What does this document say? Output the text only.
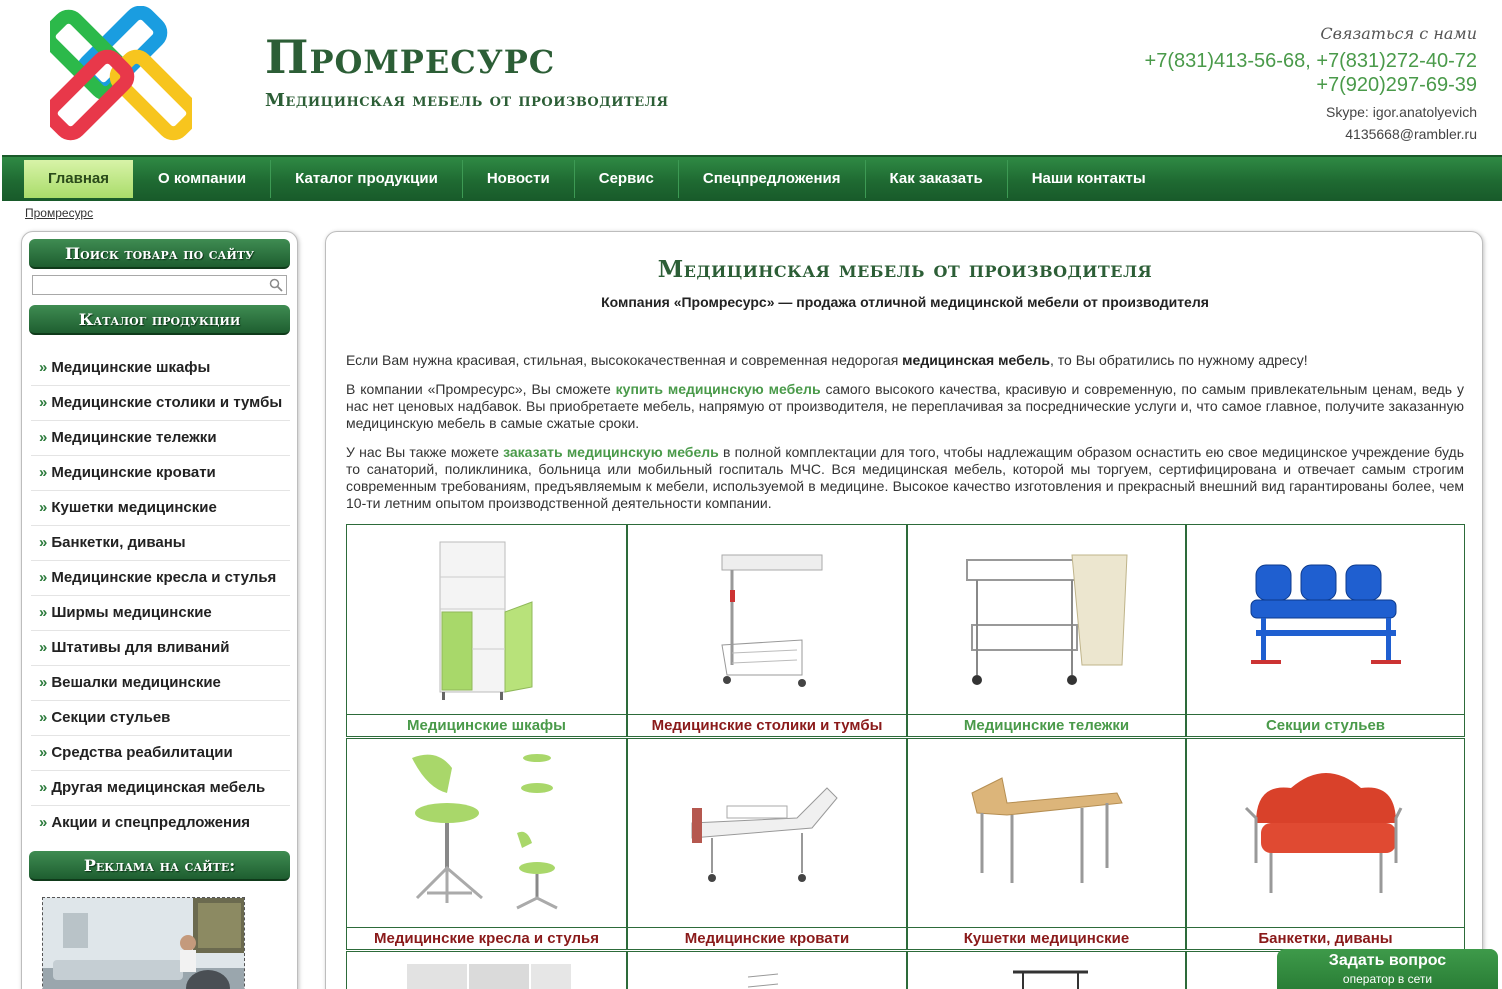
Промресурс
Медицинская мебель от производителя
Связаться с нами
+7(831)413-56-68, +7(831)272-40-72
+7(920)297-69-39
Skype: igor.anatolyevich
4135668@rambler.ru
Главная	О компании	Каталог продукции	Новости	Сервис	Спецпредложения	Как заказать	Наши контакты
Промресурс
Поиск товара по сайту
Каталог продукции
» Медицинские шкафы
» Медицинские столики и тумбы
» Медицинские тележки
» Медицинские кровати
» Кушетки медицинские
» Банкетки, диваны
» Медицинские кресла и стулья
» Ширмы медицинские
» Штативы для вливаний
» Вешалки медицинские
» Секции стульев
» Средства реабилитации
» Другая медицинская мебель
» Акции и спецпредложения
Реклама на сайте:
Медицинская мебель от производителя
Компания «Промресурс» — продажа отличной медицинской мебели от производителя

Если Вам нужна красивая, стильная, высококачественная и современная недорогая медицинская мебель, то Вы обратились по нужному адресу!

В компании «Промресурс», Вы сможете купить медицинскую мебель самого высокого качества, красивую и современную, по самым привлекательным ценам, ведь у нас нет ценовых надбавок. Вы приобретаете мебель, напрямую от производителя, не переплачивая за посреднические услуги и, что самое главное, получите заказанную медицинскую мебель в самые сжатые сроки.

У нас Вы также можете заказать медицинскую мебель в полной комплектации для того, чтобы надлежащим образом оснастить ею свое медицинское учреждение будь то санаторий, поликлиника, больница или мобильный госпиталь МЧС. Вся медицинская мебель, которой мы торгуем, сертифицирована и отвечает самым строгим современным требованиям, предъявляемым к мебели, используемой в медицине. Высокое качество изготовления и прекрасный внешний вид гарантированы более, чем 10-ти летним опытом производственной деятельности компании.

Медицинские шкафы	Медицинские столики и тумбы	Медицинские тележки	Секции стульев
Медицинские кресла и стулья	Медицинские кровати	Кушетки медицинские	Банкетки, диваны
Задать вопрос
оператор в сети
